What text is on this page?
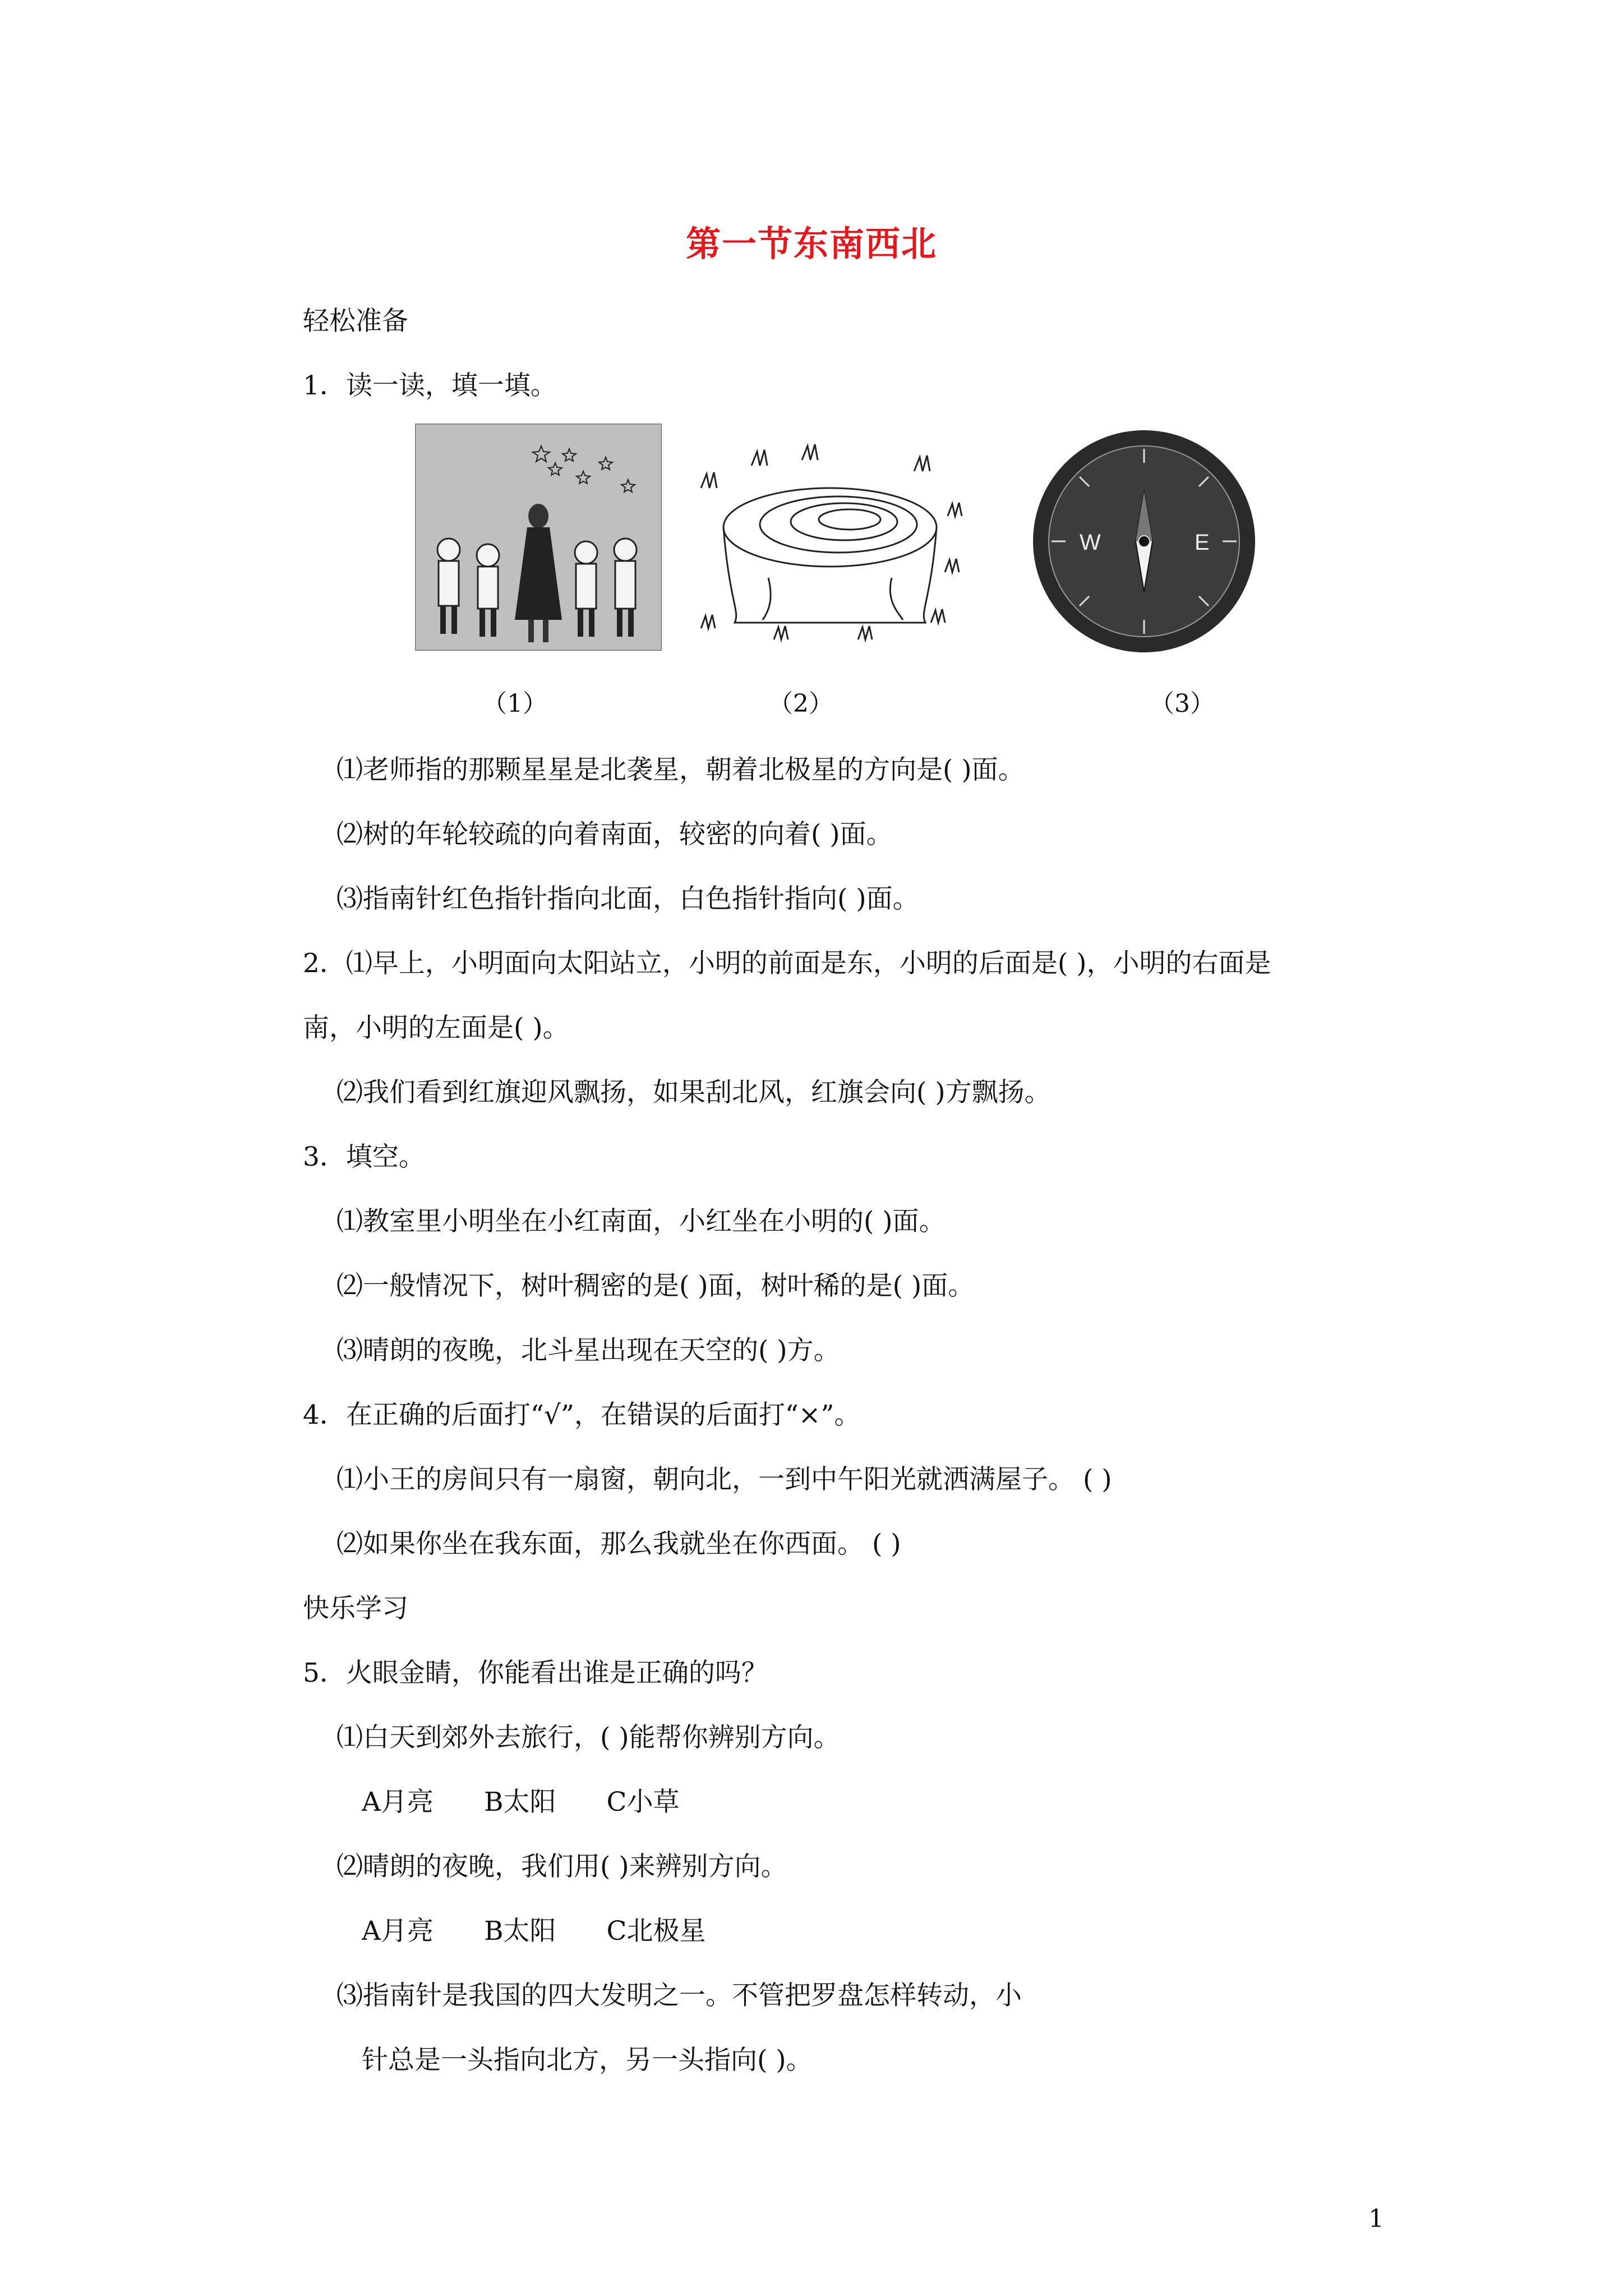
第一节东南西北
轻松准备
1．读一读，填一填。
（1）	（2）
E
W
（3）
⑴老师指的那颗星星是北袭星，朝着北极星的方向是( )面。
⑵树的年轮较疏的向着南面，较密的向着( )面。
⑶指南针红色指针指向北面，白色指针指向( )面。
2．⑴早上，小明面向太阳站立，小明的前面是东，小明的后面是( )，小明的右面是
南，小明的左面是( )。
⑵我们看到红旗迎风飘扬，如果刮北风，红旗会向( )方飘扬。
3．填空。
⑴教室里小明坐在小红南面，小红坐在小明的( )面。
⑵一般情况下，树叶稠密的是( )面，树叶稀的是( )面。
⑶晴朗的夜晚，北斗星出现在天空的( )方。
4．在正确的后面打“√”，在错误的后面打“×”。
⑴小王的房间只有一扇窗，朝向北，一到中午阳光就洒满屋子。 ( )
⑵如果你坐在我东面，那么我就坐在你西面。 ( )
快乐学习
5．火眼金睛，你能看出谁是正确的吗？
⑴白天到郊外去旅行，( )能帮你辨别方向。
A月亮 B太阳 C小草
⑵晴朗的夜晚，我们用( )来辨别方向。
A月亮 B太阳 C北极星
⑶指南针是我国的四大发明之一。不管把罗盘怎样转动，小
针总是一头指向北方，另一头指向( )。
1
